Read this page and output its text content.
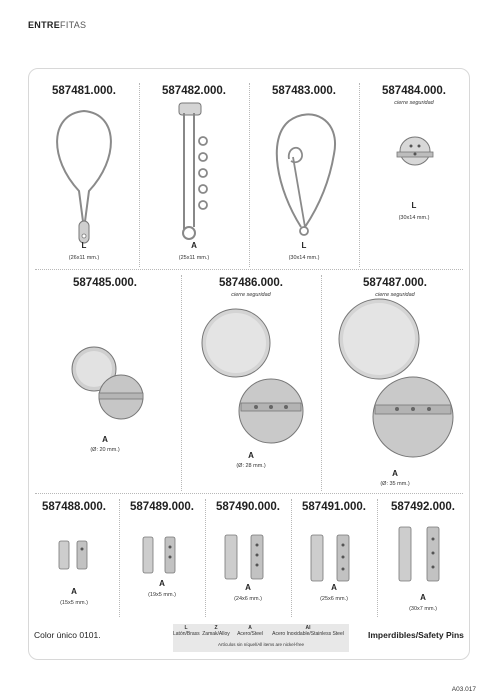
ENTREFITAS
587481.000.
L
(26x11 mm.)
587482.000.
A
(25x11 mm.)
587483.000.
L
(30x14 mm.)
587484.000.
cierre seguridad
L
(30x14 mm.)
587485.000.
A
(Ø: 20 mm.)
587486.000.
cierre seguridad
A
(Ø: 28 mm.)
587487.000.
cierre seguridad
A
(Ø: 35 mm.)
587488.000.
A
(15x5 mm.)
587489.000.
A
(19x5 mm.)
587490.000.
A
(24x6 mm.)
587491.000.
A
(25x6 mm.)
587492.000.
A
(30x7 mm.)
Color único 0101.
L
Latón/Brass
Z
Zamak/Alloy
A
Acero/Steel
AI
Acero Inoxidable/Stainless Steel
Artículos sin níquel/All items are nickel-free
Imperdibles/Safety Pins
A03.017
